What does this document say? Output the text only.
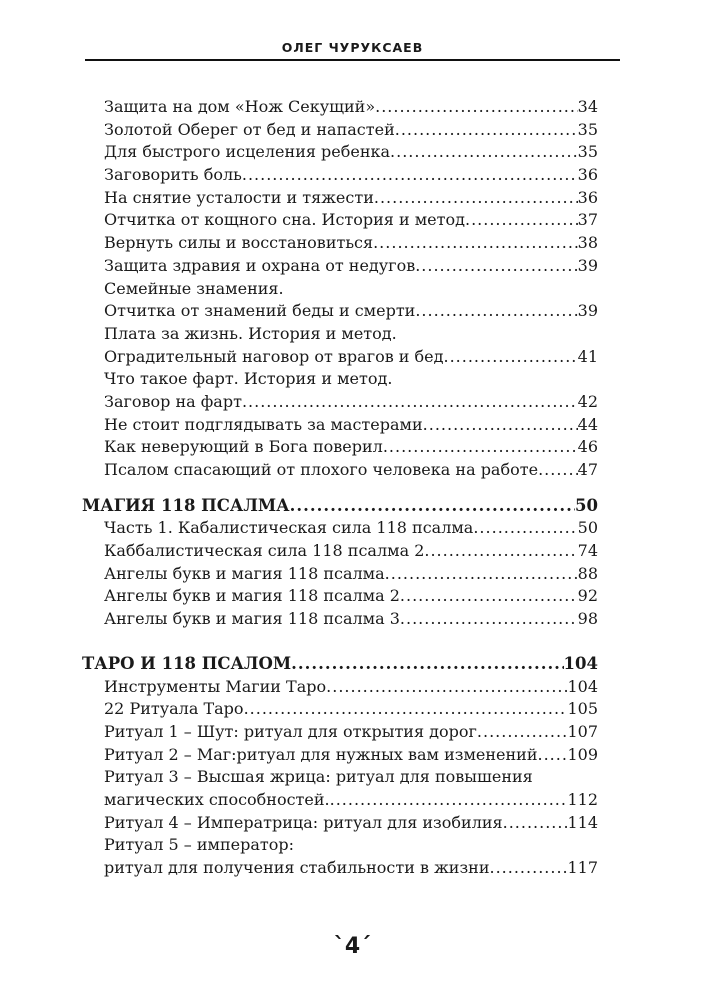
ОЛЕГ ЧУРУКСАЕВ
Защита на дом «Нож Секущий» .....	34
Золотой Оберег от бед и напастей .....	35
Для быстрого исцеления ребенка .....	35
Заговорить боль .....	36
На снятие усталости и тяжести .....	36
Отчитка от кощного сна. История и метод .....	37
Вернуть силы и восстановиться .....	38
Защита здравия и охрана от недугов .....	39
Семейные знамения.
Отчитка от знамений беды и смерти .....	39
Плата за жизнь. История и метод.
Оградительный наговор от врагов и бед .....	41
Что такое фарт. История и метод.
Заговор на фарт .....	42
Не стоит подглядывать за мастерами .....	44
Как неверующий в Бога поверил .....	46
Псалом спасающий от плохого человека на работе ..... 47
МАГИЯ 118 ПСАЛМА .....	50
Часть 1. Кабалистическая сила 118 псалма .....	50
Каббалистическая сила 118 псалма 2 .....	74
Ангелы букв и магия 118 псалма .....	88
Ангелы букв и магия 118 псалма 2 .....	92
Ангелы букв и магия 118 псалма 3 .....	98
ТАРО И 118 ПСАЛОМ .....	104
Инструменты Магии Таро .....	104
22 Ритуала Таро .....	105
Ритуал 1 – Шут: ритуал для открытия дорог .....	107
Ритуал 2 – Маг:ритуал для нужных вам изменений ..... 109
Ритуал 3 – Высшая жрица: ритуал для повышения
магических способностей. .....	112
Ритуал 4 – Императрица: ритуал для изобилия .....	114
Ритуал 5 – император:
ритуал для получения стабильности в жизни .....	117
`4´
